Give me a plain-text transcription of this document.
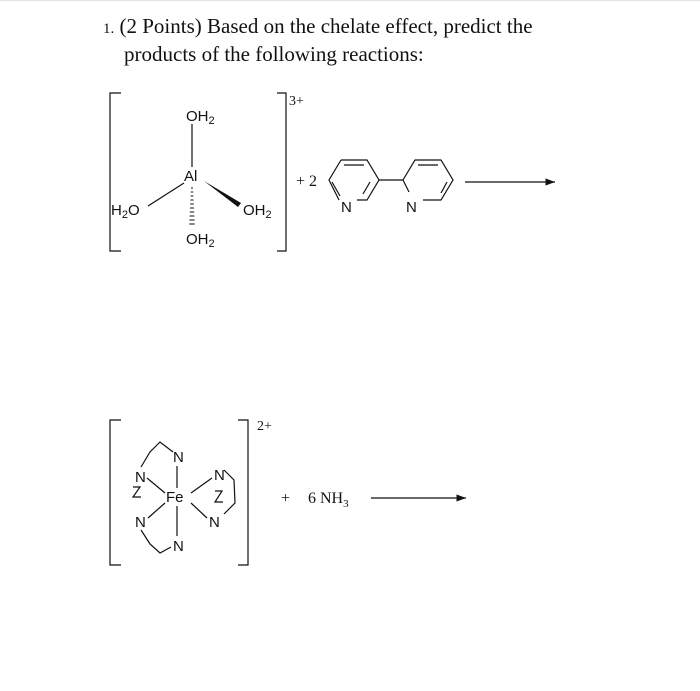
1. (2 Points) Based on the chelate effect, predict the
products of the following reactions:
3+
$OH_2$
Al
$H_2O$	$OH_2$
$OH_2$
+ 2
N	N
2+
Fe
N
N	N
N	N
N
+ 6 $NH_3$
